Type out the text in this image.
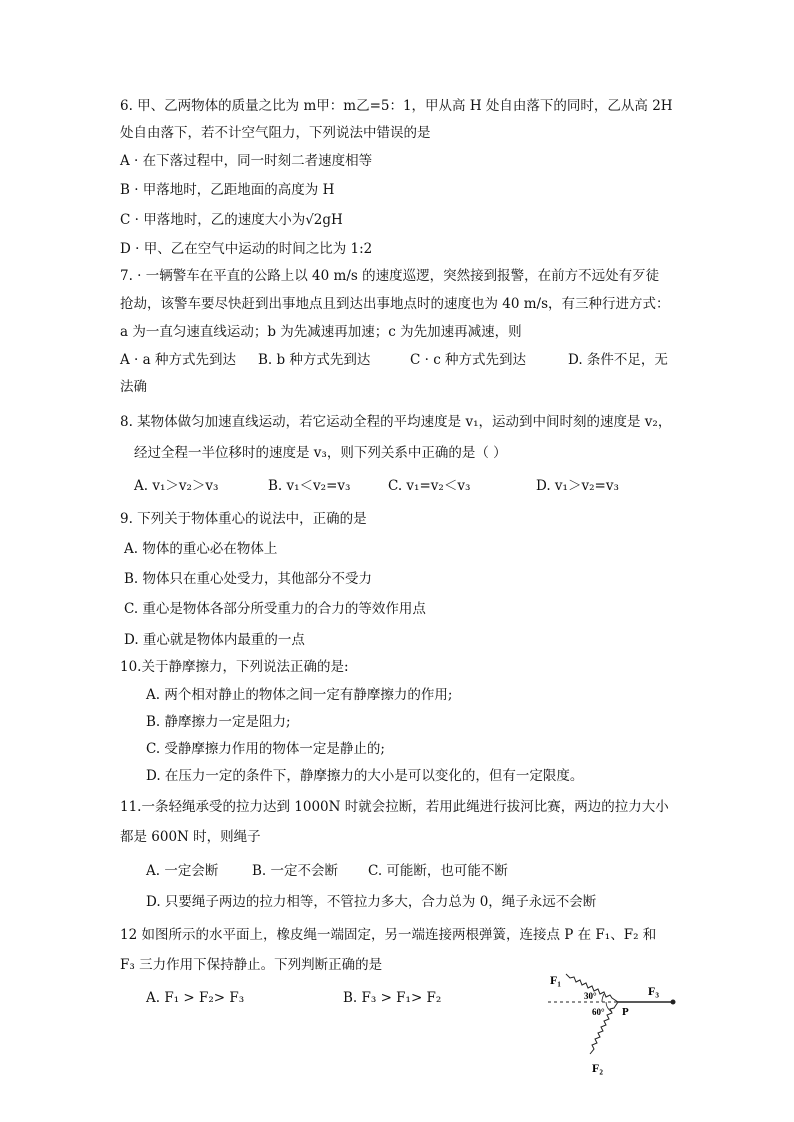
6. 甲、乙两物体的质量之比为 m甲：m乙=5：1，甲从高 H 处自由落下的同时，乙从高 2H
处自由落下，若不计空气阻力，下列说法中错误的是
A · 在下落过程中，同一时刻二者速度相等
B · 甲落地时，乙距地面的高度为 H
C · 甲落地时，乙的速度大小为√2gH
D · 甲、乙在空气中运动的时间之比为 1:2
7. · 一辆警车在平直的公路上以 40 m/s 的速度巡逻，突然接到报警，在前方不远处有歹徒
抢劫，该警车要尽快赶到出事地点且到达出事地点时的速度也为 40 m/s，有三种行进方式：
a 为一直匀速直线运动；b 为先减速再加速；c 为先加速再减速，则
A · a 种方式先到达 B. b 种方式先到达	C · c 种方式先到达	D. 条件不足，无
法确
8. 某物体做匀加速直线运动，若它运动全程的平均速度是 v₁，运动到中间时刻的速度是 v₂，
经过全程一半位移时的速度是 v₃，则下列关系中正确的是（ ）
A. v₁＞v₂＞v₃	B. v₁＜v₂=v₃	C. v₁=v₂＜v₃	D. v₁＞v₂=v₃
9. 下列关于物体重心的说法中，正确的是
A. 物体的重心必在物体上
B. 物体只在重心处受力，其他部分不受力
C. 重心是物体各部分所受重力的合力的等效作用点
D. 重心就是物体内最重的一点
10.关于静摩擦力，下列说法正确的是:
A. 两个相对静止的物体之间一定有静摩擦力的作用;
B. 静摩擦力一定是阻力;
C. 受静摩擦力作用的物体一定是静止的;
D. 在压力一定的条件下，静摩擦力的大小是可以变化的，但有一定限度。
11.一条轻绳承受的拉力达到 1000N 时就会拉断，若用此绳进行拔河比赛，两边的拉力大小
都是 600N 时，则绳子
A. 一定会断 B. 一定不会断 C. 可能断，也可能不断
D. 只要绳子两边的拉力相等，不管拉力多大，合力总为 0，绳子永远不会断
12 如图所示的水平面上，橡皮绳一端固定，另一端连接两根弹簧，连接点 P 在 F₁、F₂ 和
F₃ 三力作用下保持静止。下列判断正确的是
A. F₁ > F₂> F₃	B. F₃ > F₁> F₂
F₁
30°
60° P
F₃
F₂
